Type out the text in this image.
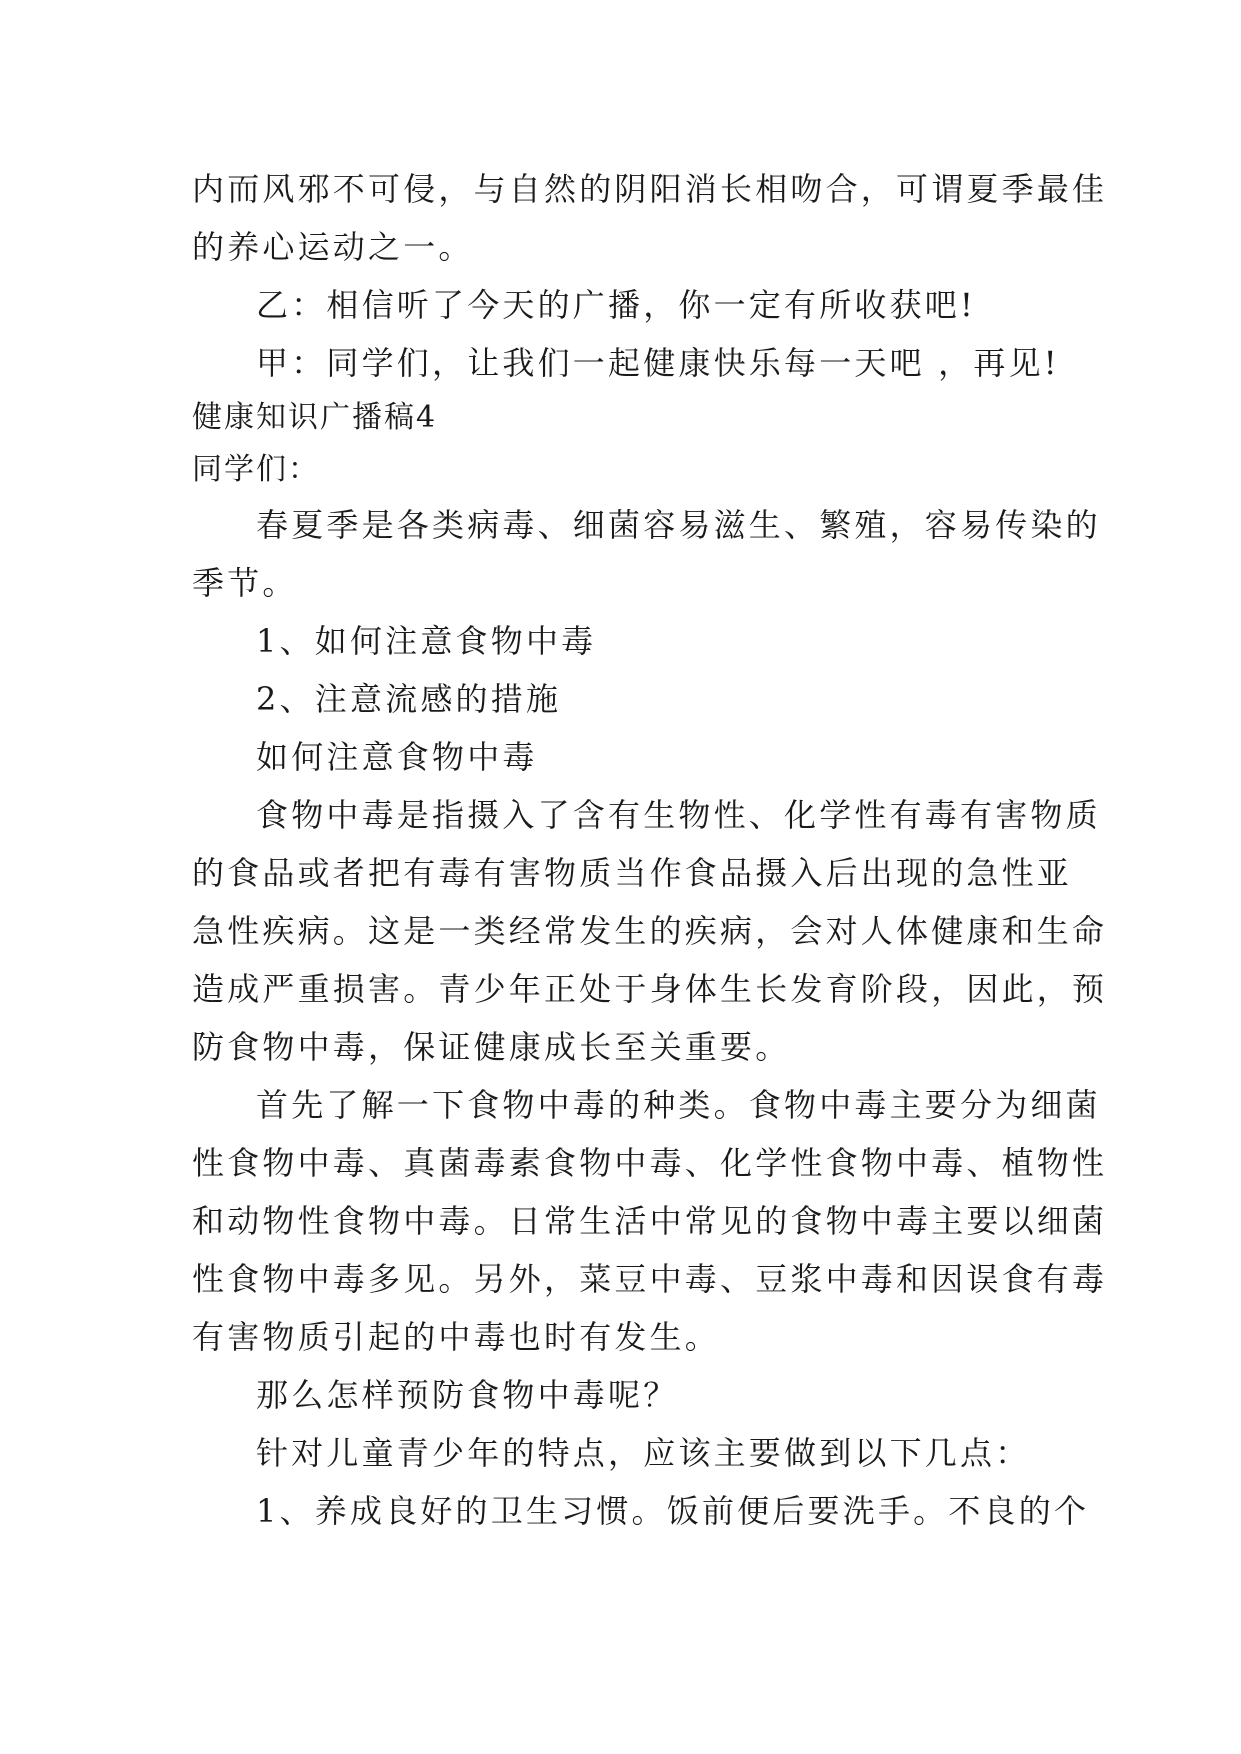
内而风邪不可侵，与自然的阴阳消长相吻合，可谓夏季最佳

的养心运动之一。

乙：相信听了今天的广播，你一定有所收获吧!

甲：同学们，让我们一起健康快乐每一天吧 ，再见!

健康知识广播稿4

同学们：

春夏季是各类病毒、细菌容易滋生、繁殖，容易传染的

季节。

1、如何注意食物中毒

2、注意流感的措施

如何注意食物中毒

食物中毒是指摄入了含有生物性、化学性有毒有害物质

的食品或者把有毒有害物质当作食品摄入后出现的急性亚

急性疾病。这是一类经常发生的疾病，会对人体健康和生命

造成严重损害。青少年正处于身体生长发育阶段，因此，预

防食物中毒，保证健康成长至关重要。

首先了解一下食物中毒的种类。食物中毒主要分为细菌

性食物中毒、真菌毒素食物中毒、化学性食物中毒、植物性

和动物性食物中毒。日常生活中常见的食物中毒主要以细菌

性食物中毒多见。另外，菜豆中毒、豆浆中毒和因误食有毒

有害物质引起的中毒也时有发生。

那么怎样预防食物中毒呢？

针对儿童青少年的特点，应该主要做到以下几点：

1、养成良好的卫生习惯。饭前便后要洗手。不良的个
